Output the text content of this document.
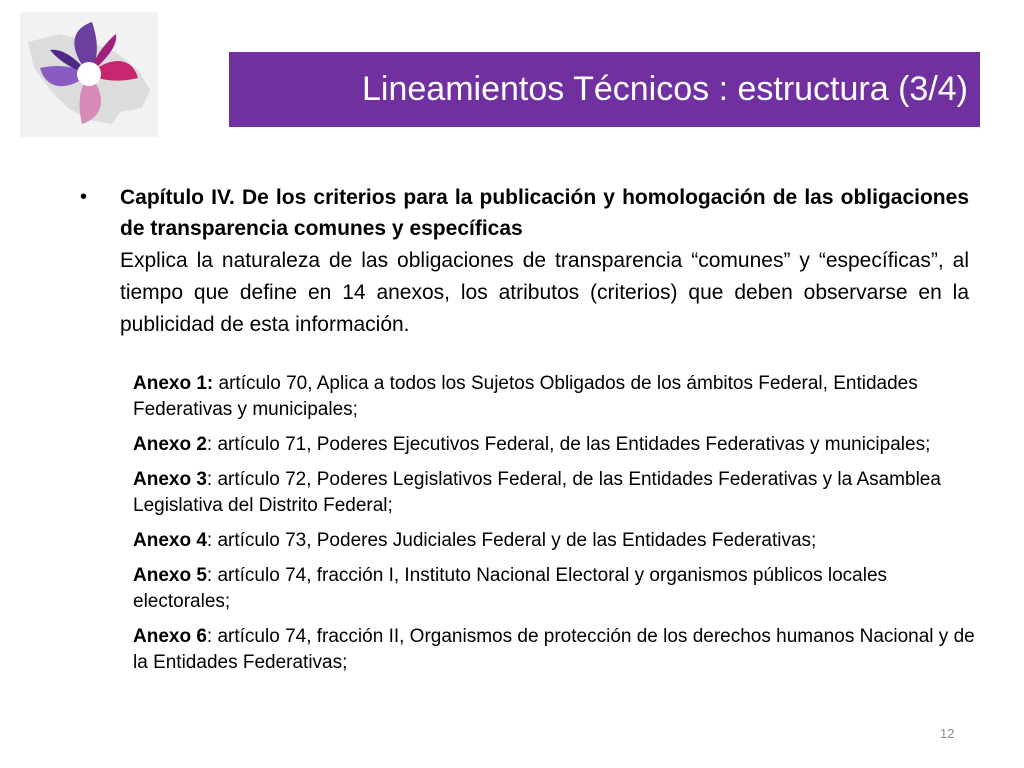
Lineamientos Técnicos : estructura (3/4)
• Capítulo IV. De los criterios para la publicación y homologación de las obligaciones de transparencia comunes y específicas
Explica la naturaleza de las obligaciones de transparencia “comunes” y “específicas”, al tiempo que define en 14 anexos, los atributos (criterios) que deben observarse en la publicidad de esta información.
Anexo 1: artículo 70, Aplica a todos los Sujetos Obligados de los ámbitos Federal, Entidades Federativas y municipales;
Anexo 2: artículo 71, Poderes Ejecutivos Federal, de las Entidades Federativas y municipales;
Anexo 3: artículo 72, Poderes Legislativos Federal, de las Entidades Federativas y la Asamblea Legislativa del Distrito Federal;
Anexo 4: artículo 73, Poderes Judiciales Federal y de las Entidades Federativas;
Anexo 5: artículo 74, fracción I, Instituto Nacional Electoral y organismos públicos locales electorales;
Anexo 6: artículo 74, fracción II, Organismos de protección de los derechos humanos Nacional y de la Entidades Federativas;
12
